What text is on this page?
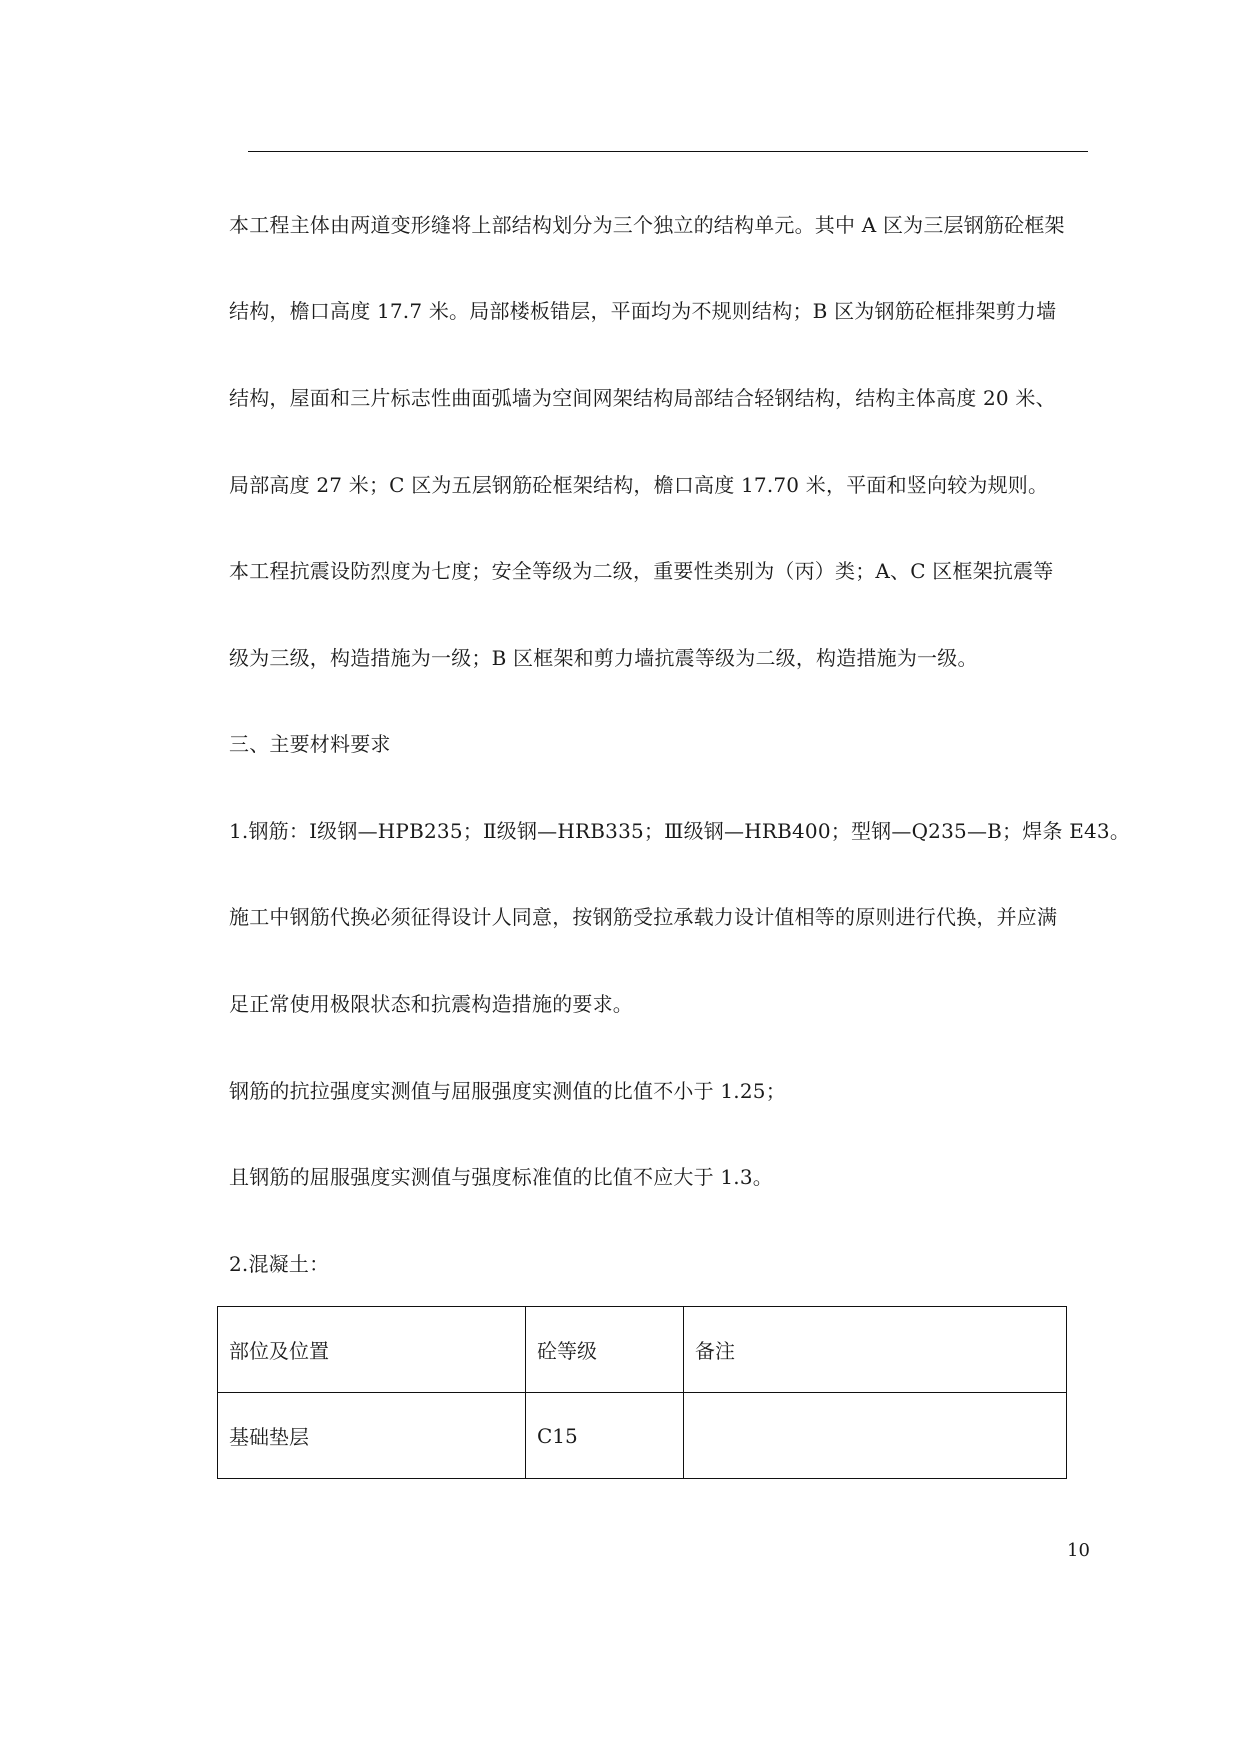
本工程主体由两道变形缝将上部结构划分为三个独立的结构单元。其中 A 区为三层钢筋砼框架
结构，檐口高度 17.7 米。局部楼板错层，平面均为不规则结构；B 区为钢筋砼框排架剪力墙
结构，屋面和三片标志性曲面弧墙为空间网架结构局部结合轻钢结构，结构主体高度 20 米、
局部高度 27 米；C 区为五层钢筋砼框架结构，檐口高度 17.70 米，平面和竖向较为规则。
本工程抗震设防烈度为七度；安全等级为二级，重要性类别为（丙）类；A、C 区框架抗震等
级为三级，构造措施为一级；B 区框架和剪力墙抗震等级为二级，构造措施为一级。
三、主要材料要求
1.钢筋：Ⅰ级钢—HPB235；Ⅱ级钢—HRB335；Ⅲ级钢—HRB400；型钢—Q235—B；焊条 E43。
施工中钢筋代换必须征得设计人同意，按钢筋受拉承载力设计值相等的原则进行代换，并应满
足正常使用极限状态和抗震构造措施的要求。
钢筋的抗拉强度实测值与屈服强度实测值的比值不小于 1.25；
且钢筋的屈服强度实测值与强度标准值的比值不应大于 1.3。
2.混凝土：
部位及位置	砼等级	备注
基础垫层	C15	
10
